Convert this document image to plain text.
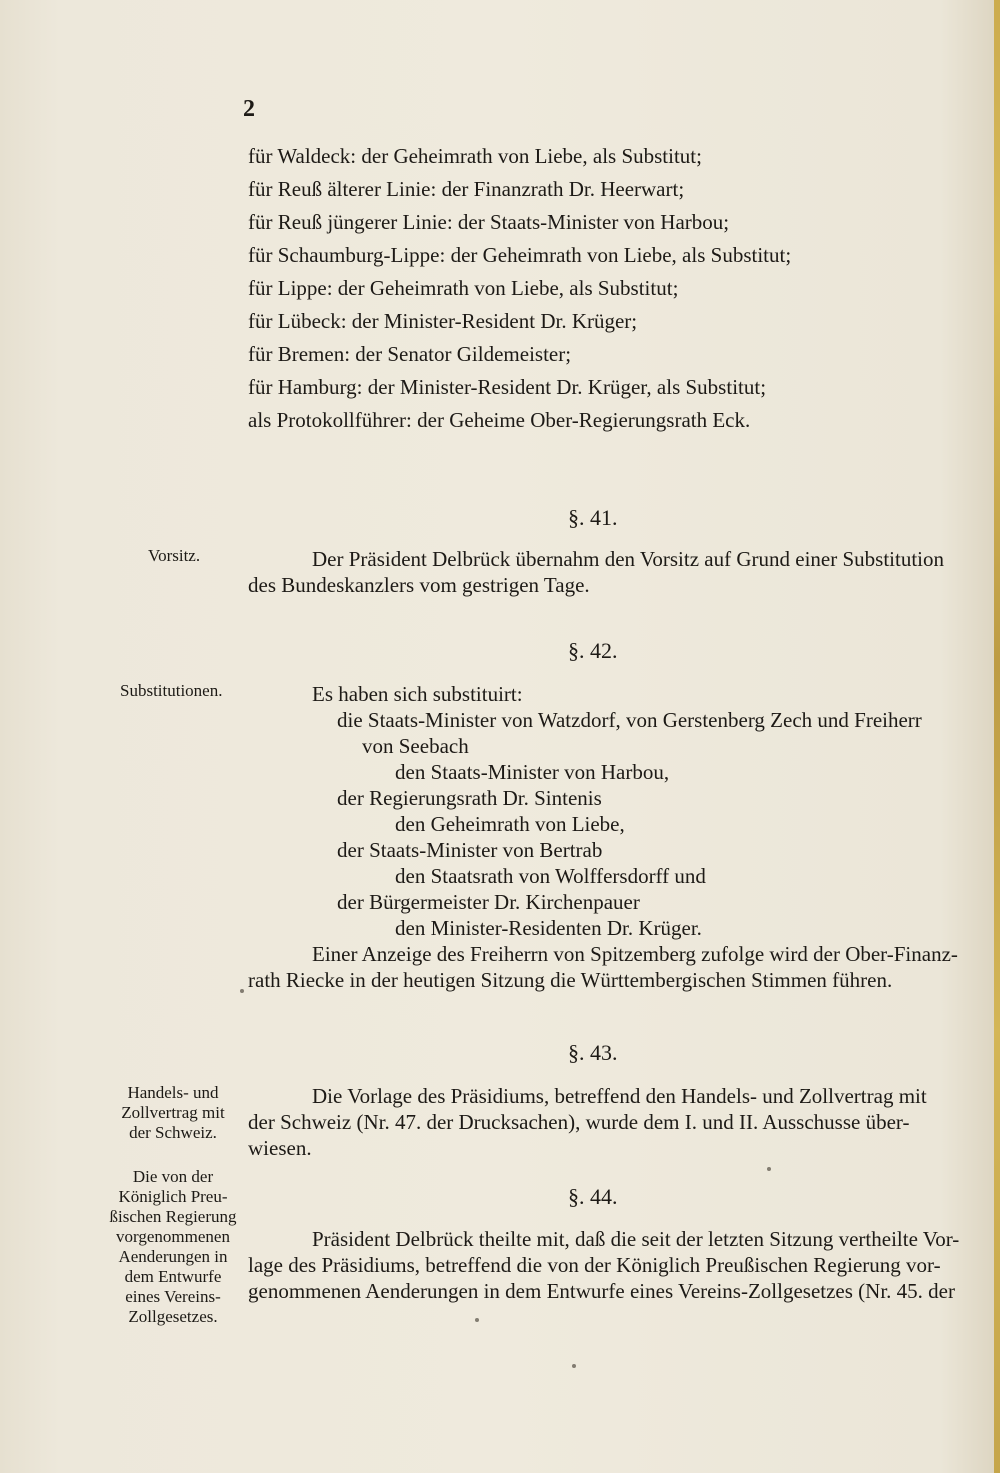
2
für Waldeck: der Geheimrath von Liebe, als Substitut;
für Reuß älterer Linie: der Finanzrath Dr. Heerwart;
für Reuß jüngerer Linie: der Staats-Minister von Harbou;
für Schaumburg-Lippe: der Geheimrath von Liebe, als Substitut;
für Lippe: der Geheimrath von Liebe, als Substitut;
für Lübeck: der Minister-Resident Dr. Krüger;
für Bremen: der Senator Gildemeister;
für Hamburg: der Minister-Resident Dr. Krüger, als Substitut;
als Protokollführer: der Geheime Ober-Regierungsrath Eck.
§. 41.
Vorsitz.	Der Präsident Delbrück übernahm den Vorsitz auf Grund einer Substitution
des Bundeskanzlers vom gestrigen Tage.
§. 42.
Substitutionen.	Es haben sich substituirt:
die Staats-Minister von Watzdorf, von Gerstenberg Zech und Freiherr
von Seebach
den Staats-Minister von Harbou,
der Regierungsrath Dr. Sintenis
den Geheimrath von Liebe,
der Staats-Minister von Bertrab
den Staatsrath von Wolffersdorff und
der Bürgermeister Dr. Kirchenpauer
den Minister-Residenten Dr. Krüger.
Einer Anzeige des Freiherrn von Spitzemberg zufolge wird der Ober-Finanz-
rath Riecke in der heutigen Sitzung die Württembergischen Stimmen führen.
§. 43.
Handels- und
Zollvertrag mit
der Schweiz.
Die Vorlage des Präsidiums, betreffend den Handels- und Zollvertrag mit
der Schweiz (Nr. 47. der Drucksachen), wurde dem I. und II. Ausschusse über-
wiesen.
§. 44.
Die von der
Königlich Preu-
ßischen Regierung
vorgenommenen
Aenderungen in
dem Entwurfe
eines Vereins-
Zollgesetzes.
Präsident Delbrück theilte mit, daß die seit der letzten Sitzung vertheilte Vor-
lage des Präsidiums, betreffend die von der Königlich Preußischen Regierung vor-
genommenen Aenderungen in dem Entwurfe eines Vereins-Zollgesetzes (Nr. 45. der
